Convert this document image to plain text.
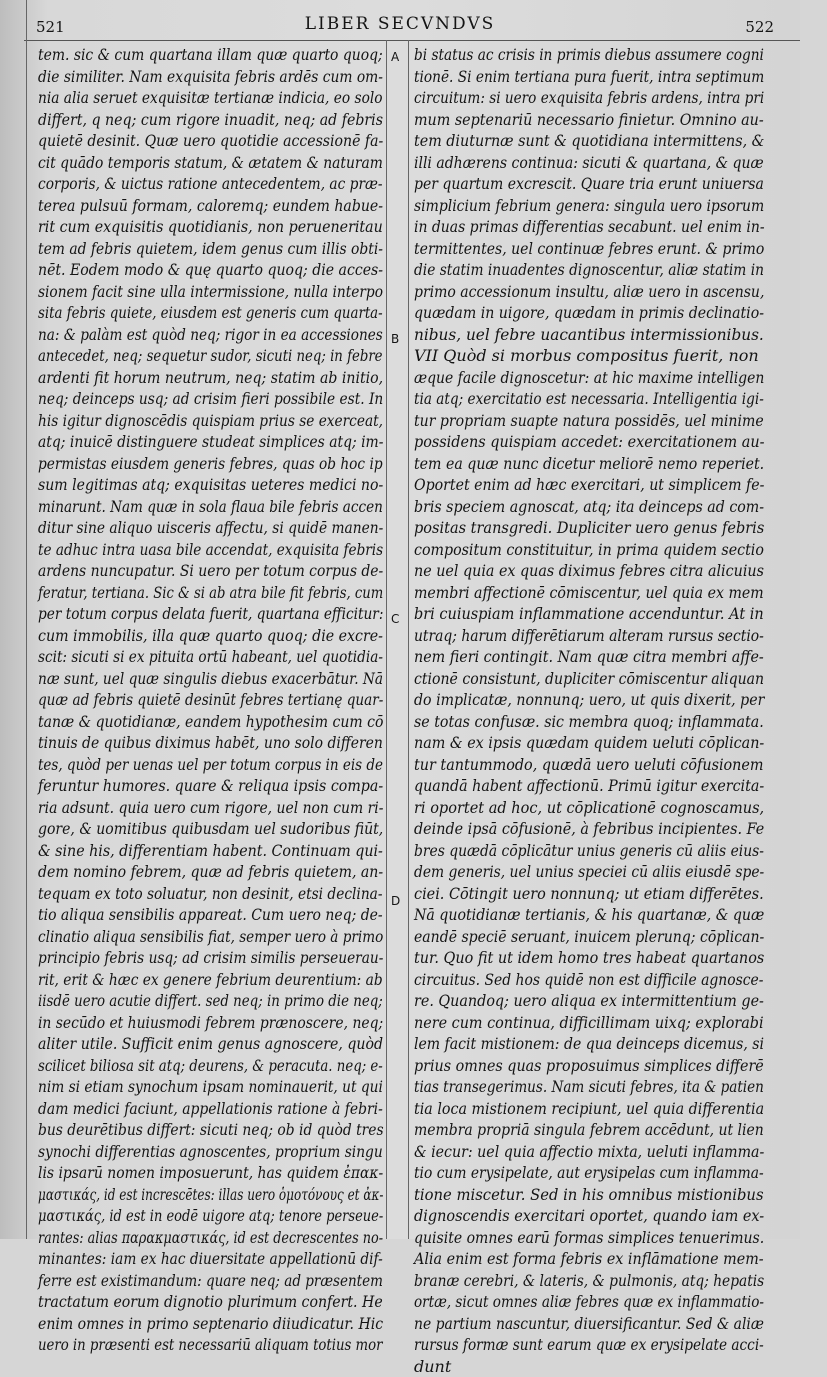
521	LIBER SECVNDVS	522
A
B
C
D
tem. sic & cum quartana illam quæ quarto quoq;
die similiter. Nam exquisita febris ardēs cum om-
nia alia seruet exquisitæ tertianæ indicia, eo solo
differt, q neq; cum rigore inuadit, neq; ad febris
quietē desinit. Quæ uero quotidie accessionē fa-
cit quādo temporis statum, & ætatem & naturam
corporis, & uictus ratione antecedentem, ac præ-
terea pulsuū formam, caloremq; eundem habue-
rit cum exquisitis quotidianis, non perueneritau
tem ad febris quietem, idem genus cum illis obti-
nēt. Eodem modo & quę quarto quoq; die acces-
sionem facit sine ulla intermissione, nulla interpo
sita febris quiete, eiusdem est generis cum quarta-
na: & palàm est quòd neq; rigor in ea accessiones
antecedet, neq; sequetur sudor, sicuti neq; in febre
ardenti fit horum neutrum, neq; statim ab initio,
neq; deinceps usq; ad crisim fieri possibile est. In
his igitur dignoscēdis quispiam prius se exerceat,
atq; inuicē distinguere studeat simplices atq; im-
permistas eiusdem generis febres, quas ob hoc ip
sum legitimas atq; exquisitas ueteres medici no-
minarunt. Nam quæ in sola flaua bile febris accen
ditur sine aliquo uisceris affectu, si quidē manen-
te adhuc intra uasa bile accendat, exquisita febris
ardens nuncupatur. Si uero per totum corpus de-
feratur, tertiana. Sic & si ab atra bile fit febris, cum
per totum corpus delata fuerit, quartana efficitur:
cum immobilis, illa quæ quarto quoq; die excre-
scit: sicuti si ex pituita ortū habeant, uel quotidia-
næ sunt, uel quæ singulis diebus exacerbātur. Nā
quæ ad febris quietē desinūt febres tertianę quar-
tanæ & quotidianæ, eandem hypothesim cum cō
tinuis de quibus diximus habēt, uno solo differen
tes, quòd per uenas uel per totum corpus in eis de
feruntur humores. quare & reliqua ipsis compa-
ria adsunt. quia uero cum rigore, uel non cum ri-
gore, & uomitibus quibusdam uel sudoribus fiūt,
& sine his, differentiam habent. Continuam qui-
dem nomino febrem, quæ ad febris quietem, an-
tequam ex toto soluatur, non desinit, etsi declina-
tio aliqua sensibilis appareat. Cum uero neq; de-
clinatio aliqua sensibilis fiat, semper uero à primo
principio febris usq; ad crisim similis perseuerau-
rit, erit & hæc ex genere febrium deurentium: ab
iisdē uero acutie differt. sed neq; in primo die neq;
in secūdo et huiusmodi febrem prænoscere, neq;
aliter utile. Sufficit enim genus agnoscere, quòd
scilicet biliosa sit atq; deurens, & peracuta. neq; e-
nim si etiam synochum ipsam nominauerit, ut qui
dam medici faciunt, appellationis ratione à febri-
bus deurētibus differt: sicuti neq; ob id quòd tres
synochi differentias agnoscentes, proprium singu
lis ipsarū nomen imposuerunt, has quidem ἐπακ-
μαστικάς, id est increscētes: illas uero ὁμοτόνους et ἀκ-
μαστικάς, id est in eodē uigore atq; tenore perseue-
rantes: alias παρακμαστικάς, id est decrescentes no-
minantes: iam ex hac diuersitate appellationū dif-
ferre est existimandum: quare neq; ad præsentem
tractatum eorum dignotio plurimum confert. He
enim omnes in primo septenario diiudicatur. Hic
uero in præsenti est necessariū aliquam totius mor
bi status ac crisis in primis diebus assumere cogni
tionē. Si enim tertiana pura fuerit, intra septimum
circuitum: si uero exquisita febris ardens, intra pri
mum septenariū necessario finietur. Omnino au-
tem diuturnæ sunt & quotidiana intermittens, &
illi adhærens continua: sicuti & quartana, & quæ
per quartum excrescit. Quare tria erunt uniuersa
simplicium febrium genera: singula uero ipsorum
in duas primas differentias secabunt. uel enim in-
termittentes, uel continuæ febres erunt. & primo
die statim inuadentes dignoscentur, aliæ statim in
primo accessionum insultu, aliæ uero in ascensu,
quædam in uigore, quædam in primis declinatio-
nibus, uel febre uacantibus intermissionibus.
VII Quòd si morbus compositus fuerit, non
æque facile dignoscetur: at hic maxime intelligen
tia atq; exercitatio est necessaria. Intelligentia igi-
tur propriam suapte natura possidēs, uel minime
possidens quispiam accedet: exercitationem au-
tem ea quæ nunc dicetur meliorē nemo reperiet.
Oportet enim ad hæc exercitari, ut simplicem fe-
bris speciem agnoscat, atq; ita deinceps ad com-
positas transgredi. Dupliciter uero genus febris
compositum constituitur, in prima quidem sectio
ne uel quia ex quas diximus febres citra alicuius
membri affectionē cōmiscentur, uel quia ex mem
bri cuiuspiam inflammatione accenduntur. At in
utraq; harum differētiarum alteram rursus sectio-
nem fieri contingit. Nam quæ citra membri affe-
ctionē consistunt, dupliciter cōmiscentur aliquan
do implicatæ, nonnunq; uero, ut quis dixerit, per
se totas confusæ. sic membra quoq; inflammata.
nam & ex ipsis quædam quidem ueluti cōplican-
tur tantummodo, quædā uero ueluti cōfusionem
quandā habent affectionū. Primū igitur exercita-
ri oportet ad hoc, ut cōplicationē cognoscamus,
deinde ipsā cōfusionē, à febribus incipientes. Fe
bres quædā cōplicātur unius generis cū aliis eius-
dem generis, uel unius speciei cū aliis eiusdē spe-
ciei. Cōtingit uero nonnunq; ut etiam differētes.
Nā quotidianæ tertianis, & his quartanæ, & quæ
eandē speciē seruant, inuicem plerunq; cōplican-
tur. Quo fit ut idem homo tres habeat quartanos
circuitus. Sed hos quidē non est difficile agnosce-
re. Quandoq; uero aliqua ex intermittentium ge-
nere cum continua, difficillimam uixq; explorabi
lem facit mistionem: de qua deinceps dicemus, si
prius omnes quas proposuimus simplices differē
tias transegerimus. Nam sicuti febres, ita & patien
tia loca mistionem recipiunt, uel quia differentia
membra propriā singula febrem accēdunt, ut lien
& iecur: uel quia affectio mixta, ueluti inflamma-
tio cum erysipelate, aut erysipelas cum inflamma-
tione miscetur. Sed in his omnibus mistionibus
dignoscendis exercitari oportet, quando iam ex-
quisite omnes earū formas simplices tenuerimus.
Alia enim est forma febris ex inflāmatione mem-
branæ cerebri, & lateris, & pulmonis, atq; hepatis
ortæ, sicut omnes aliæ febres quæ ex inflammatio-
ne partium nascuntur, diuersificantur. Sed & aliæ
rursus formæ sunt earum quæ ex erysipelate acci-
dunt
